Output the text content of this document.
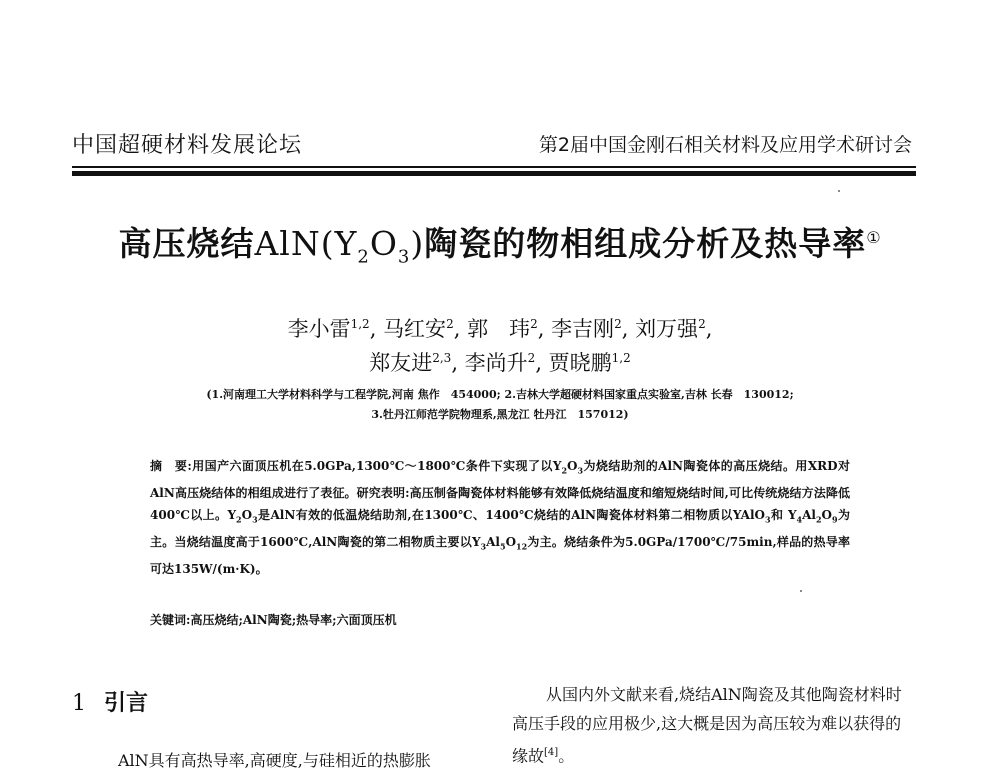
中国超硬材料发展论坛	第2届中国金刚石相关材料及应用学术研讨会
高压烧结$AlN(Y_2O_3)$陶瓷的物相组成分析及热导率①
李小雷$^{1,2}$, 马红安$^2$, 郭　玮$^2$, 李吉刚$^2$, 刘万强$^2$,
郑友进$^{2,3}$, 李尚升$^2$, 贾晓鹏$^{1,2}$
(1.河南理工大学材料科学与工程学院,河南 焦作　454000; 2.吉林大学超硬材料国家重点实验室,吉林 长春　130012;
3.牡丹江师范学院物理系,黑龙江 牡丹江　157012)
摘　要:用国产六面顶压机在5.0GPa,1300℃～1800℃条件下实现了以$Y_2O_3$为烧结助剂的AlN陶瓷体的高压烧结。用XRD对AlN高压烧结体的相组成进行了表征。研究表明:高压制备陶瓷体材料能够有效降低烧结温度和缩短烧结时间,可比传统烧结方法降低400℃以上。$Y_2O_3$是AlN有效的低温烧结助剂,在1300℃、1400℃烧结的AlN陶瓷体材料第二相物质以YAlO$_3$和 $Y_4Al_2O_9$为主。当烧结温度高于1600℃,AlN陶瓷的第二相物质主要以$Y_3Al_5O_{12}$为主。烧结条件为5.0GPa/1700℃/75min,样品的热导率可达135W/(m·K)。
关键词:高压烧结;AlN陶瓷;热导率;六面顶压机
1 引言
AlN具有高热导率,高硬度,与硅相近的热膨胀
从国内外文献来看,烧结AlN陶瓷及其他陶瓷材料时高压手段的应用极少,这大概是因为高压较为难以获得的缘故[4]。
